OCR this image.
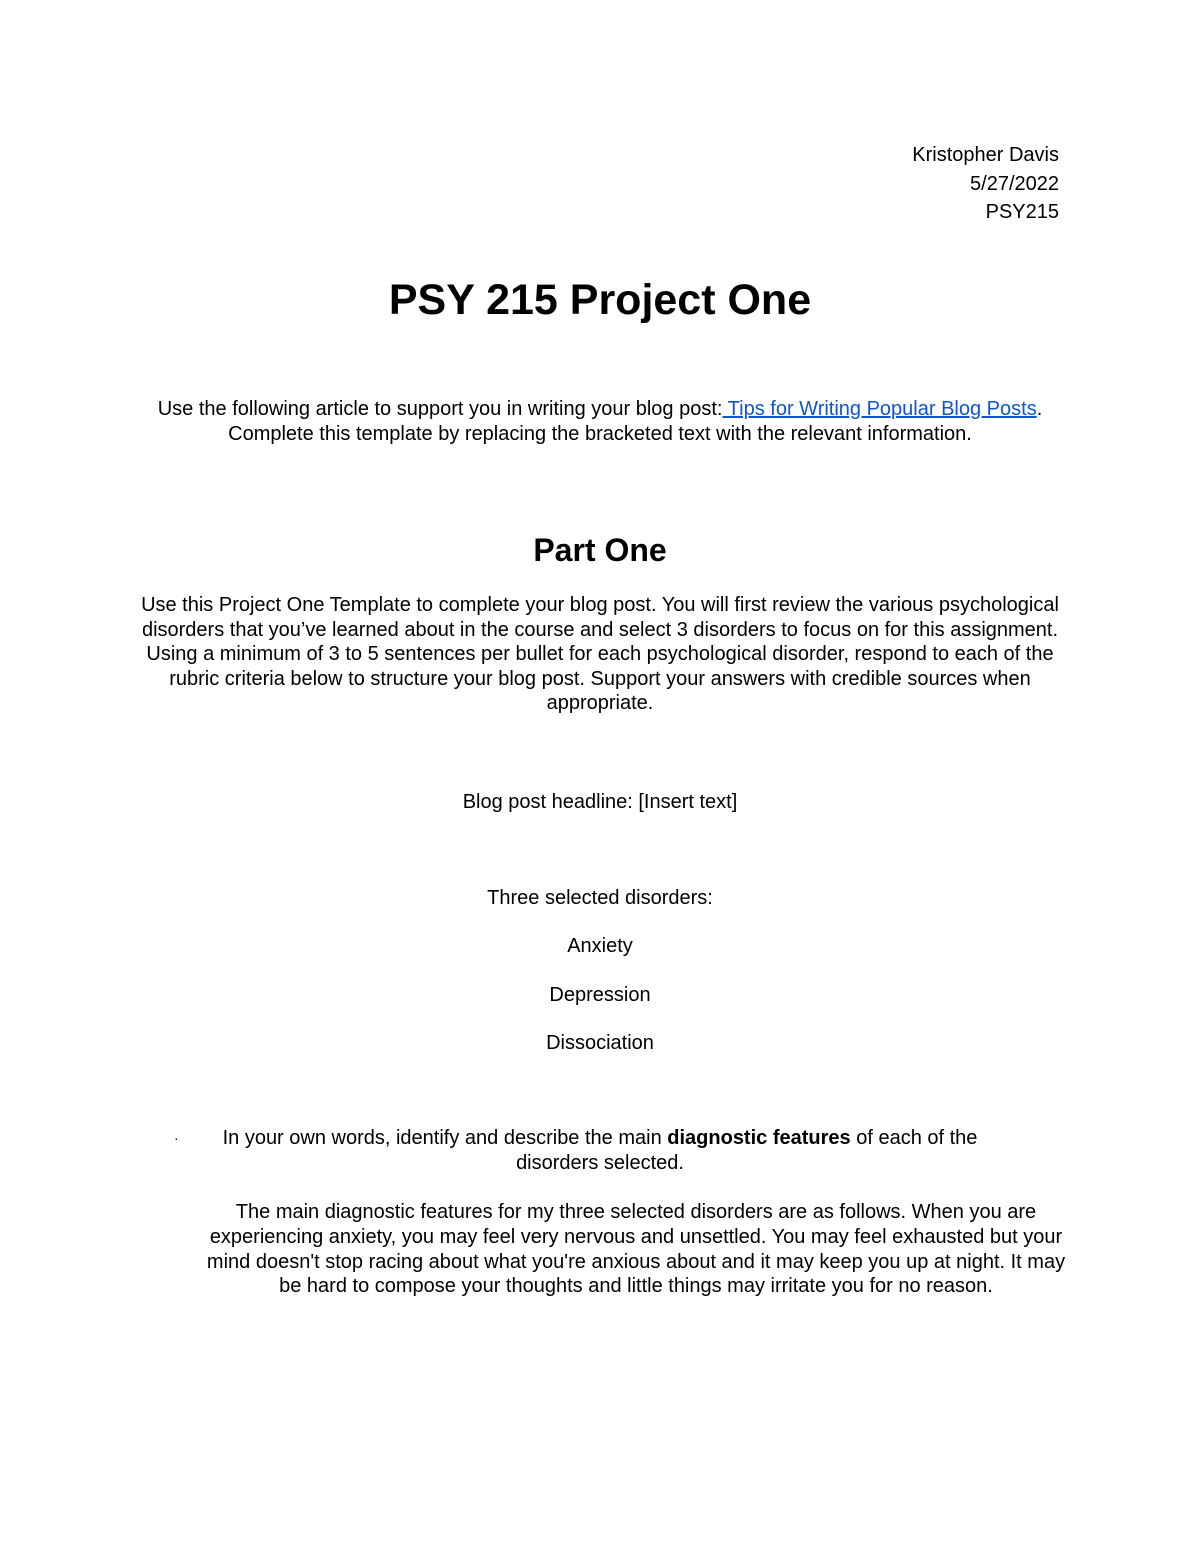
Kristopher Davis
5/27/2022
PSY215
PSY 215 Project One

Use the following article to support you in writing your blog post: Tips for Writing Popular Blog Posts. Complete this template by replacing the bracketed text with the relevant information.

Part One

Use this Project One Template to complete your blog post. You will first review the various psychological disorders that you’ve learned about in the course and select 3 disorders to focus on for this assignment. Using a minimum of 3 to 5 sentences per bullet for each psychological disorder, respond to each of the rubric criteria below to structure your blog post. Support your answers with credible sources when appropriate.

Blog post headline: [Insert text]

Three selected disorders:

Anxiety

Depression

Dissociation

·	In your own words, identify and describe the main diagnostic features of each of the disorders selected.

The main diagnostic features for my three selected disorders are as follows. When you are experiencing anxiety, you may feel very nervous and unsettled. You may feel exhausted but your mind doesn't stop racing about what you're anxious about and it may keep you up at night. It may be hard to compose your thoughts and little things may irritate you for no reason.
